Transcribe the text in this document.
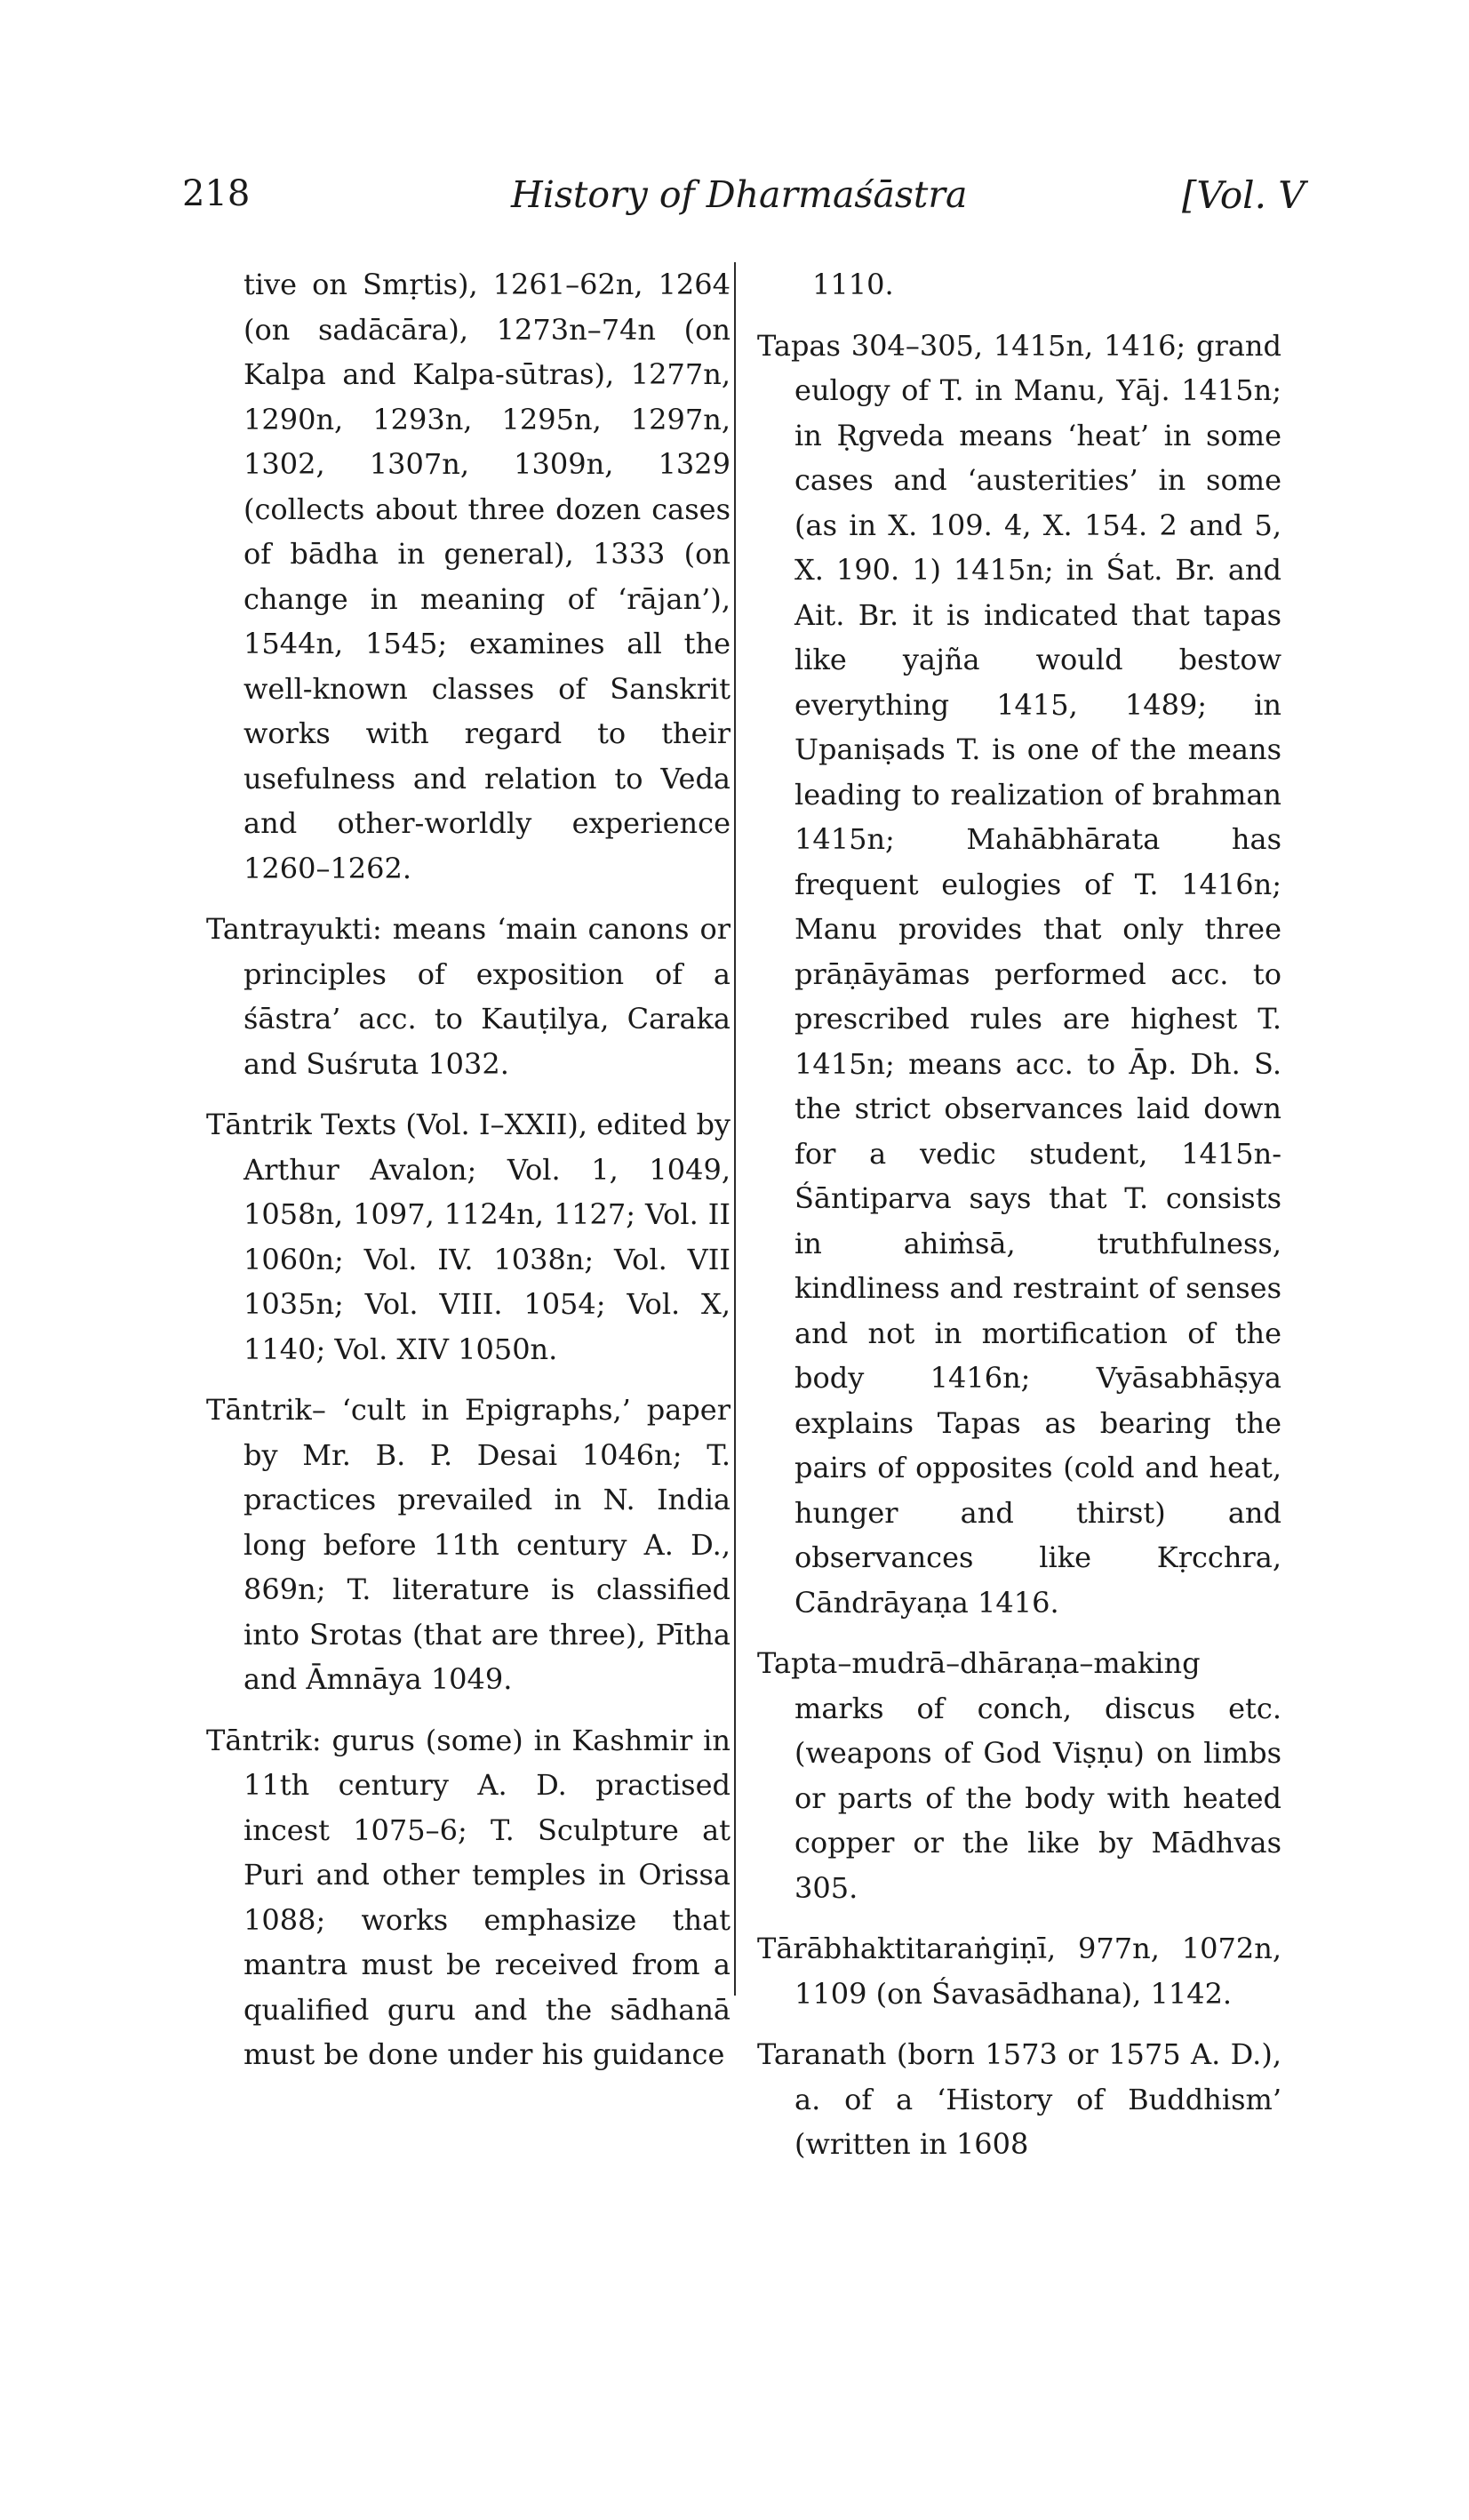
218	History of Dharmaśāstra	[Vol. V

tive on Smṛtis), 1261–62n, 1264 (on sadācāra), 1273n–74n (on Kalpa and Kalpa-sūtras), 1277n, 1290n, 1293n, 1295n, 1297n, 1302, 1307n, 1309n, 1329 (collects about three dozen cases of bādha in general), 1333 (on change in meaning of ‘rājan’), 1544n, 1545; examines all the well-known classes of Sanskrit works with regard to their usefulness and relation to Veda and other-worldly experience 1260–1262.

Tantrayukti: means ‘main canons or principles of exposition of a śāstra’ acc. to Kauṭilya, Caraka and Suśruta 1032.

Tāntrik Texts (Vol. I–XXII), edited by Arthur Avalon; Vol. 1, 1049, 1058n, 1097, 1124n, 1127; Vol. II 1060n; Vol. IV. 1038n; Vol. VII 1035n; Vol. VIII. 1054; Vol. X, 1140; Vol. XIV 1050n.

Tāntrik– ‘cult in Epigraphs,’ paper by Mr. B. P. Desai 1046n; T. practices prevailed in N. India long before 11th century A. D., 869n; T. literature is classified into Srotas (that are three), Pītha and Āmnāya 1049.

Tāntrik: gurus (some) in Kashmir in 11th century A. D. practised incest 1075–6; T. Sculpture at Puri and other temples in Orissa 1088; works emphasize that mantra must be received from a qualified guru and the sādhanā must be done under his guidance

1110.

Tapas 304–305, 1415n, 1416; grand eulogy of T. in Manu, Yāj. 1415n; in Ṛgveda means ‘heat’ in some cases and ‘austerities’ in some (as in X. 109. 4, X. 154. 2 and 5, X. 190. 1) 1415n; in Śat. Br. and Ait. Br. it is indicated that tapas like yajña would bestow everything 1415, 1489; in Upaniṣads T. is one of the means leading to realization of brahman 1415n; Mahābhārata has frequent eulogies of T. 1416n; Manu provides that only three prāṇāyāmas performed acc. to prescribed rules are highest T. 1415n; means acc. to Āp. Dh. S. the strict observances laid down for a vedic student, 1415n-Śāntiparva says that T. consists in ahiṁsā, truthfulness, kindliness and restraint of senses and not in mortification of the body 1416n; Vyāsabhāṣya explains Tapas as bearing the pairs of opposites (cold and heat, hunger and thirst) and observances like Kṛcchra, Cāndrāyaṇa 1416.

Tapta–mudrā–dhāraṇa–making marks of conch, discus etc. (weapons of God Viṣṇu) on limbs or parts of the body with heated copper or the like by Mādhvas 305.

Tārābhaktitaraṅgiṇī, 977n, 1072n, 1109 (on Śavasādhana), 1142.

Taranath (born 1573 or 1575 A. D.), a. of a ‘History of Buddhism’ (written in 1608
